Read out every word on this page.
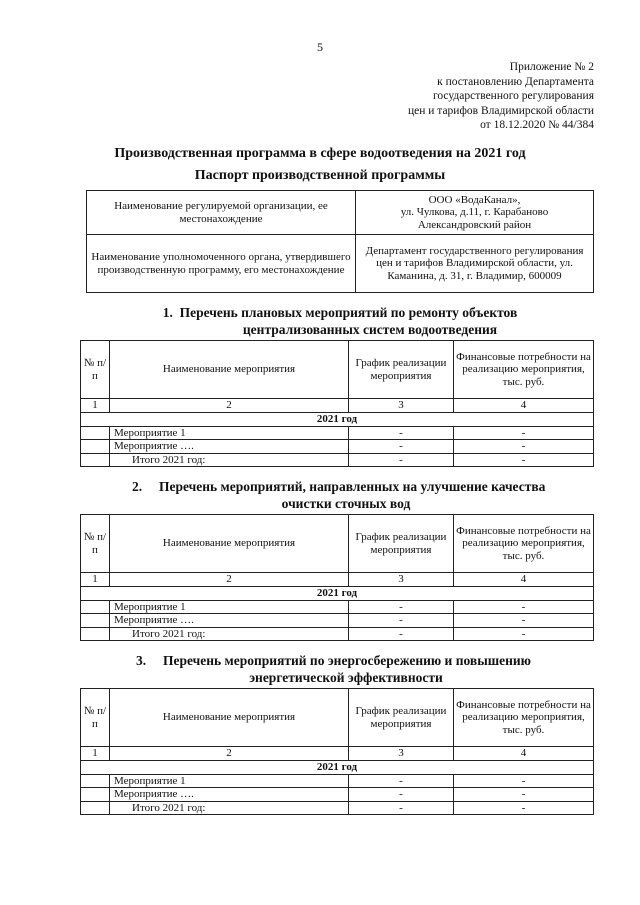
5
Приложение № 2
к постановлению Департамента
государственного регулирования
цен и тарифов Владимирской области
от 18.12.2020 № 44/384
Производственная программа в сфере водоотведения на 2021 год
Паспорт производственной программы
Наименование регулируемой организации, ее местонахождение	ООО «ВодаКанал»,
ул. Чулкова, д.11, г. Карабаново
Александровский район

Наименование уполномоченного органа, утвердившего производственную программу, его местонахождение	Департамент государственного регулирования цен и тарифов Владимирской области, ул. Каманина, д. 31, г. Владимир, 600009
1. Перечень плановых мероприятий по ремонту объектов
централизованных систем водоотведения
№ п/п	Наименование мероприятия	График реализации мероприятия	Финансовые потребности на реализацию мероприятия, тыс. руб.
1	2	3	4
2021 год			
	Мероприятие 1	-	-
	Мероприятие ….	-	-
	Итого 2021 год:	-	-
2. Перечень мероприятий, направленных на улучшение качества
очистки сточных вод
№ п/п	Наименование мероприятия	График реализации мероприятия	Финансовые потребности на реализацию мероприятия, тыс. руб.
1	2	3	4
2021 год			
	Мероприятие 1	-	-
	Мероприятие ….	-	-
	Итого 2021 год:	-	-
3. Перечень мероприятий по энергосбережению и повышению
энергетической эффективности
№ п/п	Наименование мероприятия	График реализации мероприятия	Финансовые потребности на реализацию мероприятия, тыс. руб.
1	2	3	4
2021 год			
	Мероприятие 1	-	-
	Мероприятие ….	-	-
	Итого 2021 год:	-	-
